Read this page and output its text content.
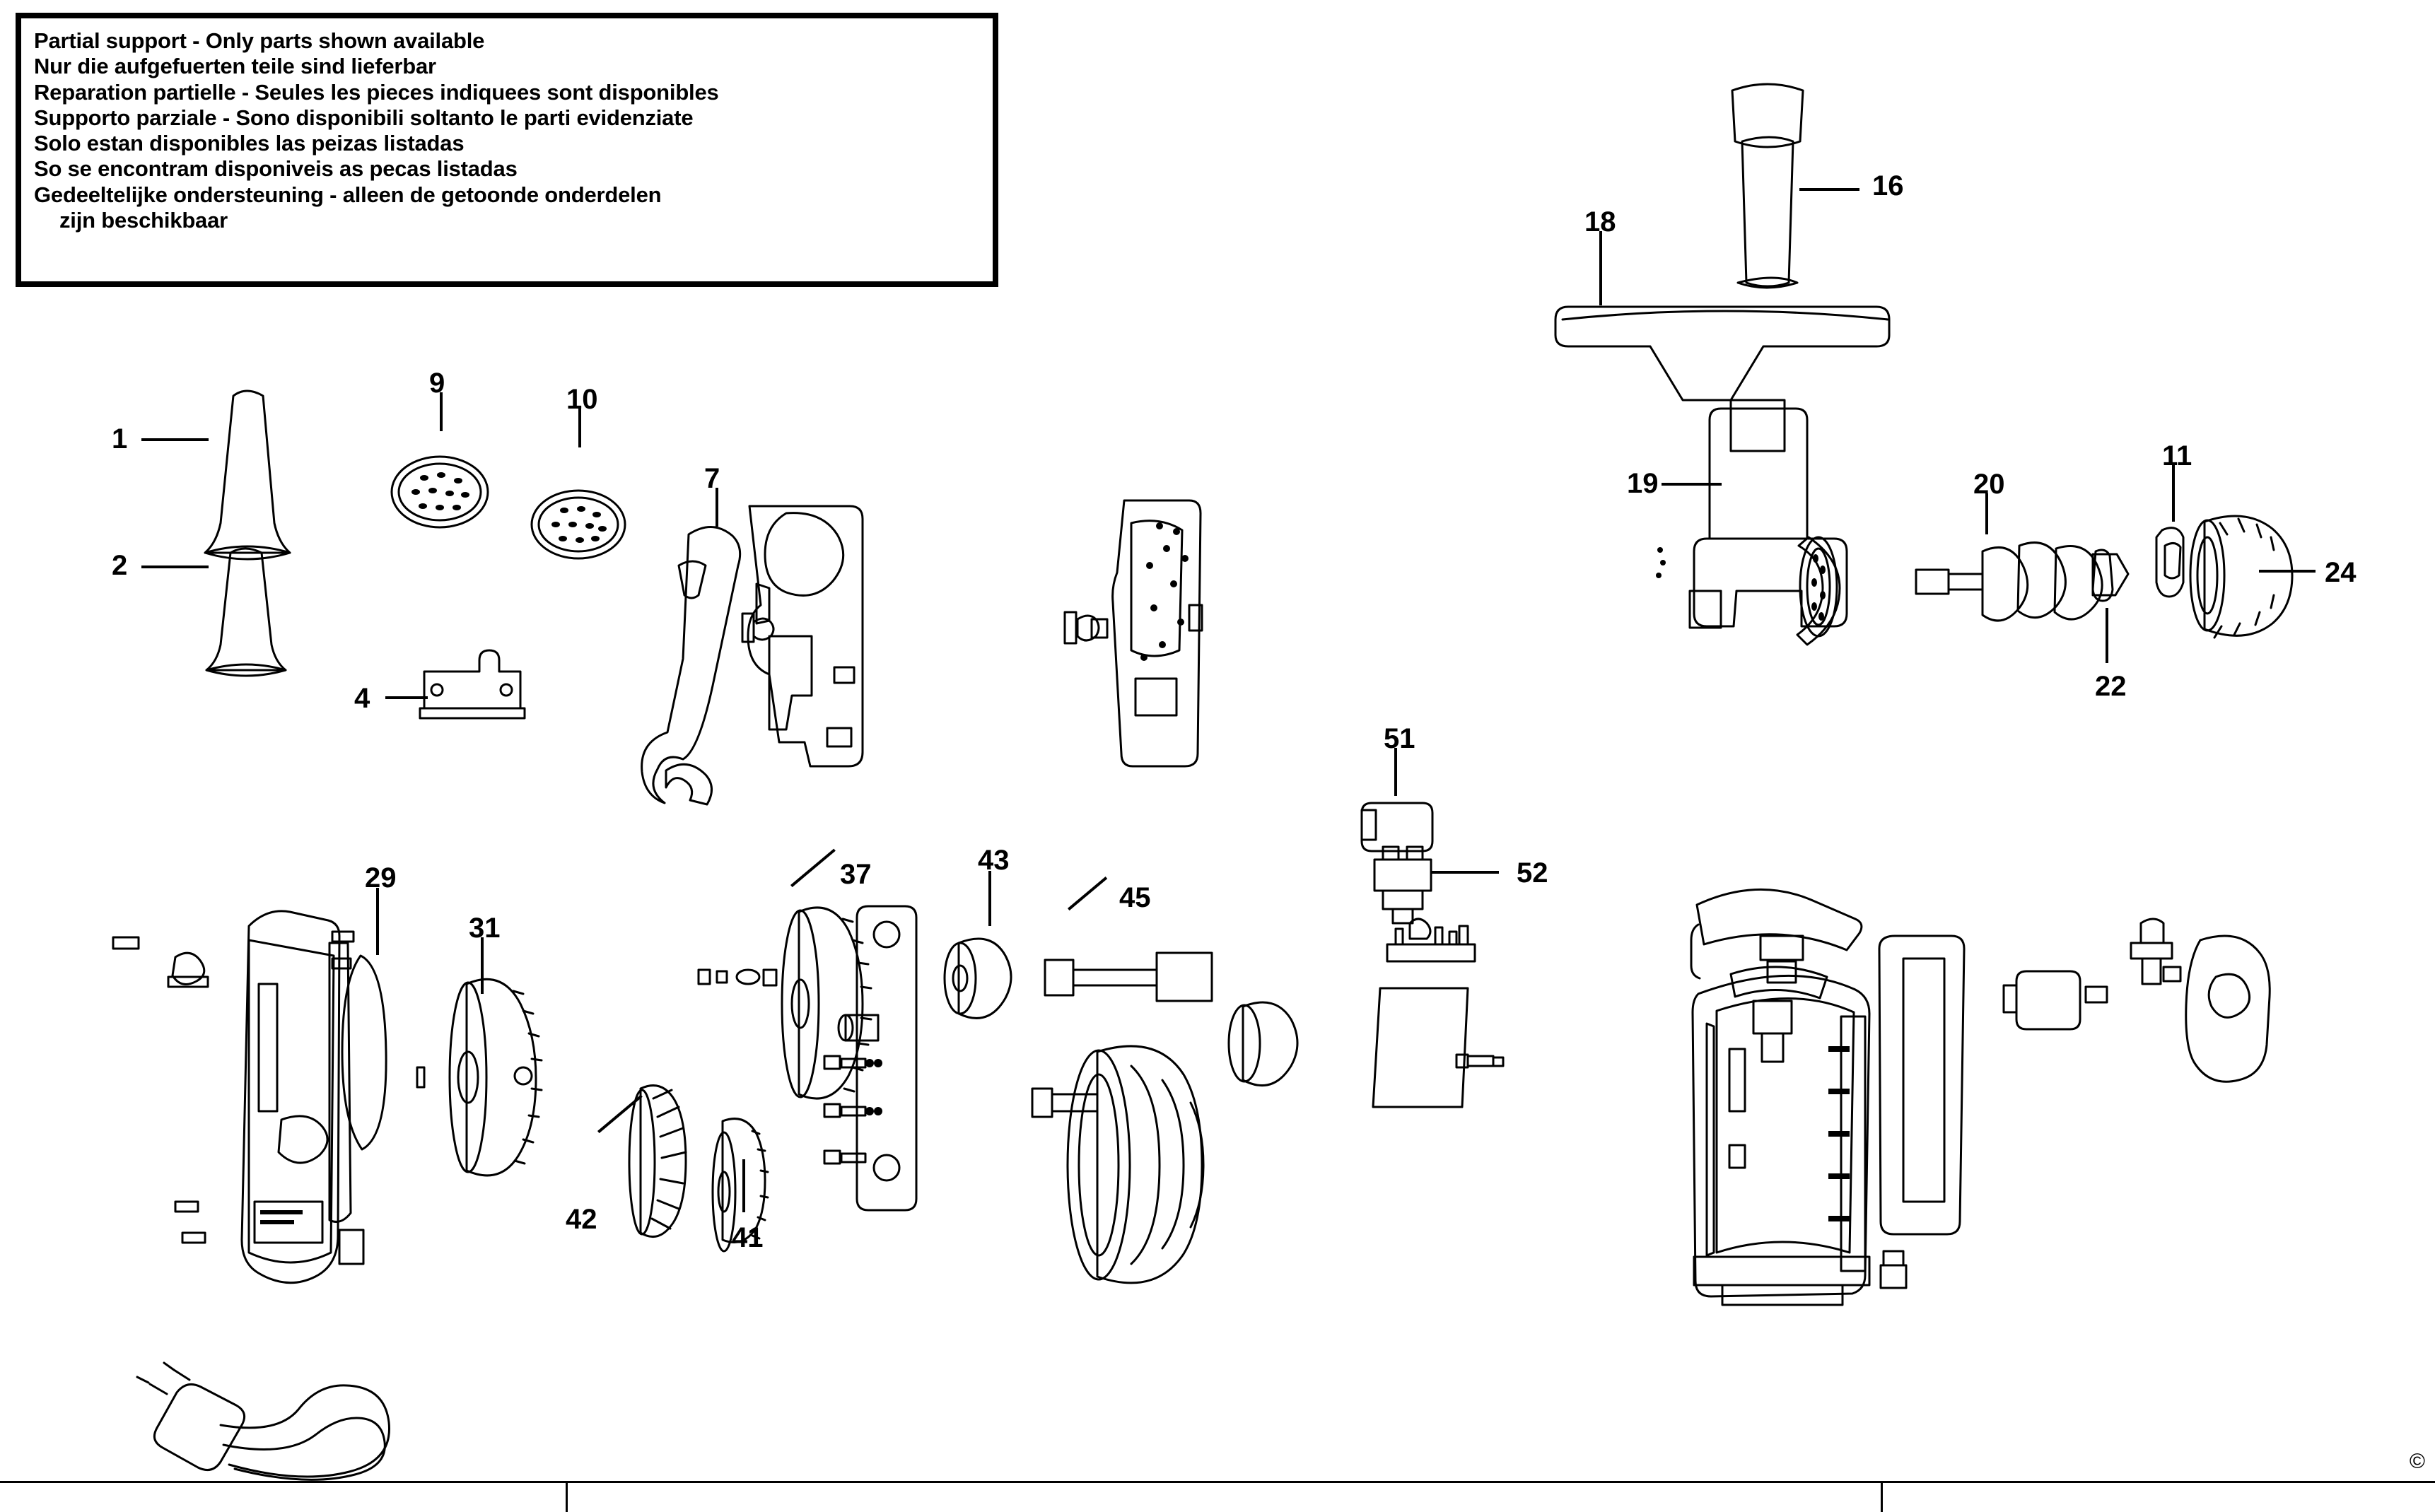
Partial support - Only parts shown available
Nur die aufgefuerten teile sind lieferbar
Reparation partielle - Seules les pieces indiquees sont disponibles
Supporto parziale - Sono disponibili soltanto le parti evidenziate
Solo estan disponibles las peizas listadas
So se encontram disponiveis as pecas listadas
Gedeeltelijke ondersteuning - alleen de getoonde onderdelen
zijn beschikbaar
1
2
4
7
9
10
11
16
18
19	20
22
24
29
31
37
41
42
43
45
51
52
©
